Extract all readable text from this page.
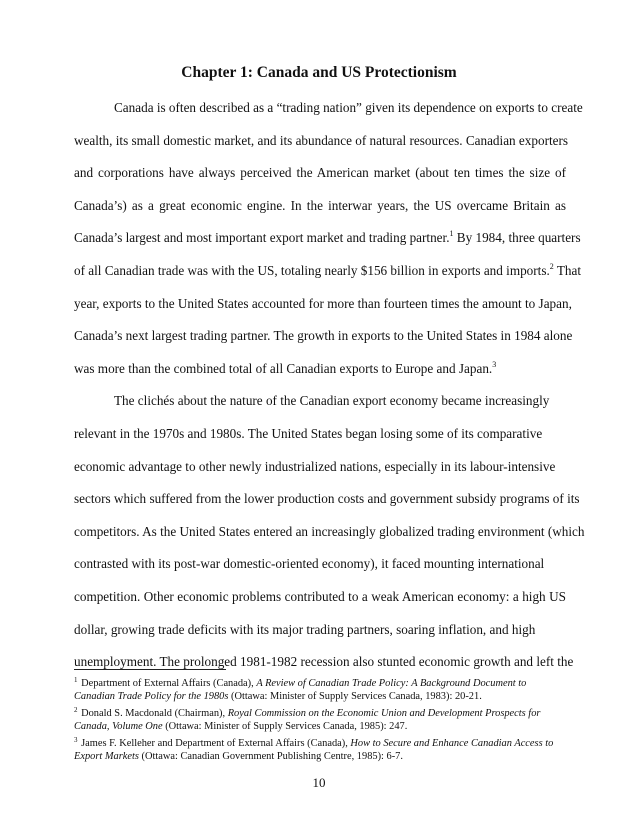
Chapter 1: Canada and US Protectionism
Canada is often described as a “trading nation” given its dependence on exports to create
wealth, its small domestic market, and its abundance of natural resources. Canadian exporters
and corporations have always perceived the American market (about ten times the size of
Canada’s) as a great economic engine. In the interwar years, the US overcame Britain as
Canada’s largest and most important export market and trading partner.$^1$ By 1984, three quarters
of all Canadian trade was with the US, totaling nearly $156 billion in exports and imports.$^2$ That
year, exports to the United States accounted for more than fourteen times the amount to Japan,
Canada’s next largest trading partner. The growth in exports to the United States in 1984 alone
was more than the combined total of all Canadian exports to Europe and Japan.$^3$
The clichés about the nature of the Canadian export economy became increasingly
relevant in the 1970s and 1980s. The United States began losing some of its comparative
economic advantage to other newly industrialized nations, especially in its labour-intensive
sectors which suffered from the lower production costs and government subsidy programs of its
competitors. As the United States entered an increasingly globalized trading environment (which
contrasted with its post-war domestic-oriented economy), it faced mounting international
competition. Other economic problems contributed to a weak American economy: a high US
dollar, growing trade deficits with its major trading partners, soaring inflation, and high
unemployment. The prolonged 1981-1982 recession also stunted economic growth and left the
$^1$ Department of External Affairs (Canada), A Review of Canadian Trade Policy: A Background Document to
Canadian Trade Policy for the 1980s (Ottawa: Minister of Supply Services Canada, 1983): 20-21.
$^2$ Donald S. Macdonald (Chairman), Royal Commission on the Economic Union and Development Prospects for
Canada, Volume One (Ottawa: Minister of Supply Services Canada, 1985): 247.
$^3$ James F. Kelleher and Department of External Affairs (Canada), How to Secure and Enhance Canadian Access to
Export Markets (Ottawa: Canadian Government Publishing Centre, 1985): 6-7.
10
